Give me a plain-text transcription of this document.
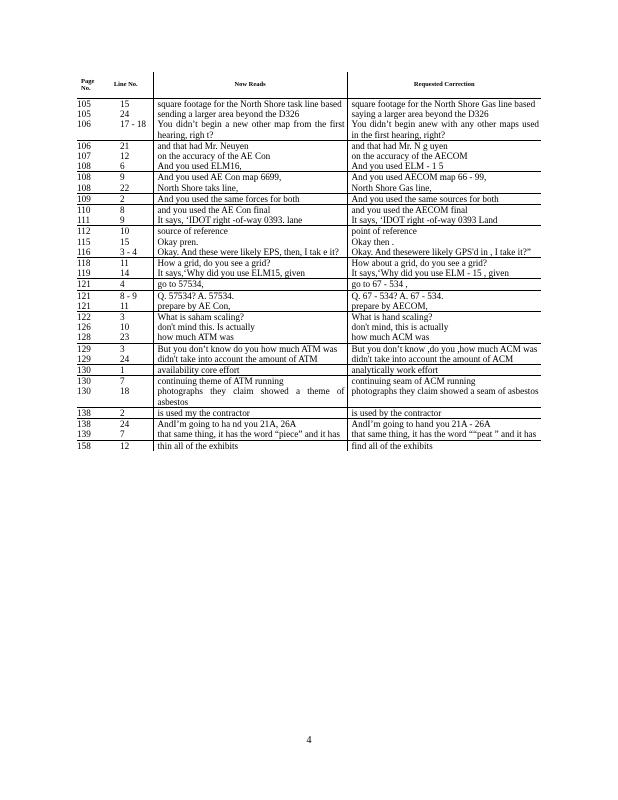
Page No.	Line No.	Now Reads	Requested Correction
105	15	square footage for the North Shore task line based	square footage for the North Shore Gas line based
105	24	sending a larger area beyond the D326	saying a larger area beyond the D326
106	17 - 18	You didn’t begin a new other map from the first hearing, righ t?	You didn’t begin anew with any other maps used in the first hearing, right?
106	21	and that had Mr. Neuyen	and that had Mr. N g uyen
107	12	on the accuracy of the AE Con	on the accuracy of the AECOM
108	6	And you used ELM16,	And you used ELM - 1 5
108	9	And you used AE Con map 6699,	And you used AECOM map 66 - 99,
108	22	North Shore taks line,	North Shore Gas line,
109	2	And you used the same forces for both	And you used the same sources for both
110	8	and you used the AE Con final	and you used the AECOM final
111	9	It says, ‘IDOT right -of-way 0393. lane	It says, ‘IDOT right -of-way 0393 Land
112	10	source of reference	point of reference
115	15	Okay pren.	Okay then .
116	3 - 4	Okay. And these were likely EPS, then, I tak e it?	Okay. And thesewere likely GPS'd in , I take it?”
118	11	How a grid, do you see a grid?	How about a grid, do you see a grid?
119	14	It says,‘Why did you use ELM15, given	It says,‘Why did you use ELM - 15 , given
121	4	go to 57534,	go to 67 - 534 ,
121	8 - 9	Q. 57534? A. 57534.	Q. 67 - 534? A. 67 - 534.
121	11	prepare by AE Con,	prepare by AECOM,
122	3	What is saham scaling?	What is hand scaling?
126	10	don't mind this. Is actually	don't mind, this is actually
128	23	how much ATM was	how much ACM was
129	3	But you don’t know do you how much ATM was	But you don’t know ,do you ,how much ACM was
129	24	didn't take into account the amount of ATM	didn't take into account the amount of ACM
130	1	availability core effort	analytically work effort
130	7	continuing theme of ATM running	continuing seam of ACM running
130	18	photographs they claim showed a theme of asbestos	photographs they claim showed a seam of asbestos
138	2	is used my the contractor	is used by the contractor
138	24	AndI’m going to ha nd you 21A, 26A	AndI’m going to hand you 21A - 26A
139	7	that same thing, it has the word “piece” and it has	that same thing, it has the word ““peat ” and it has
158	12	thin all of the exhibits	find all of the exhibits
4
